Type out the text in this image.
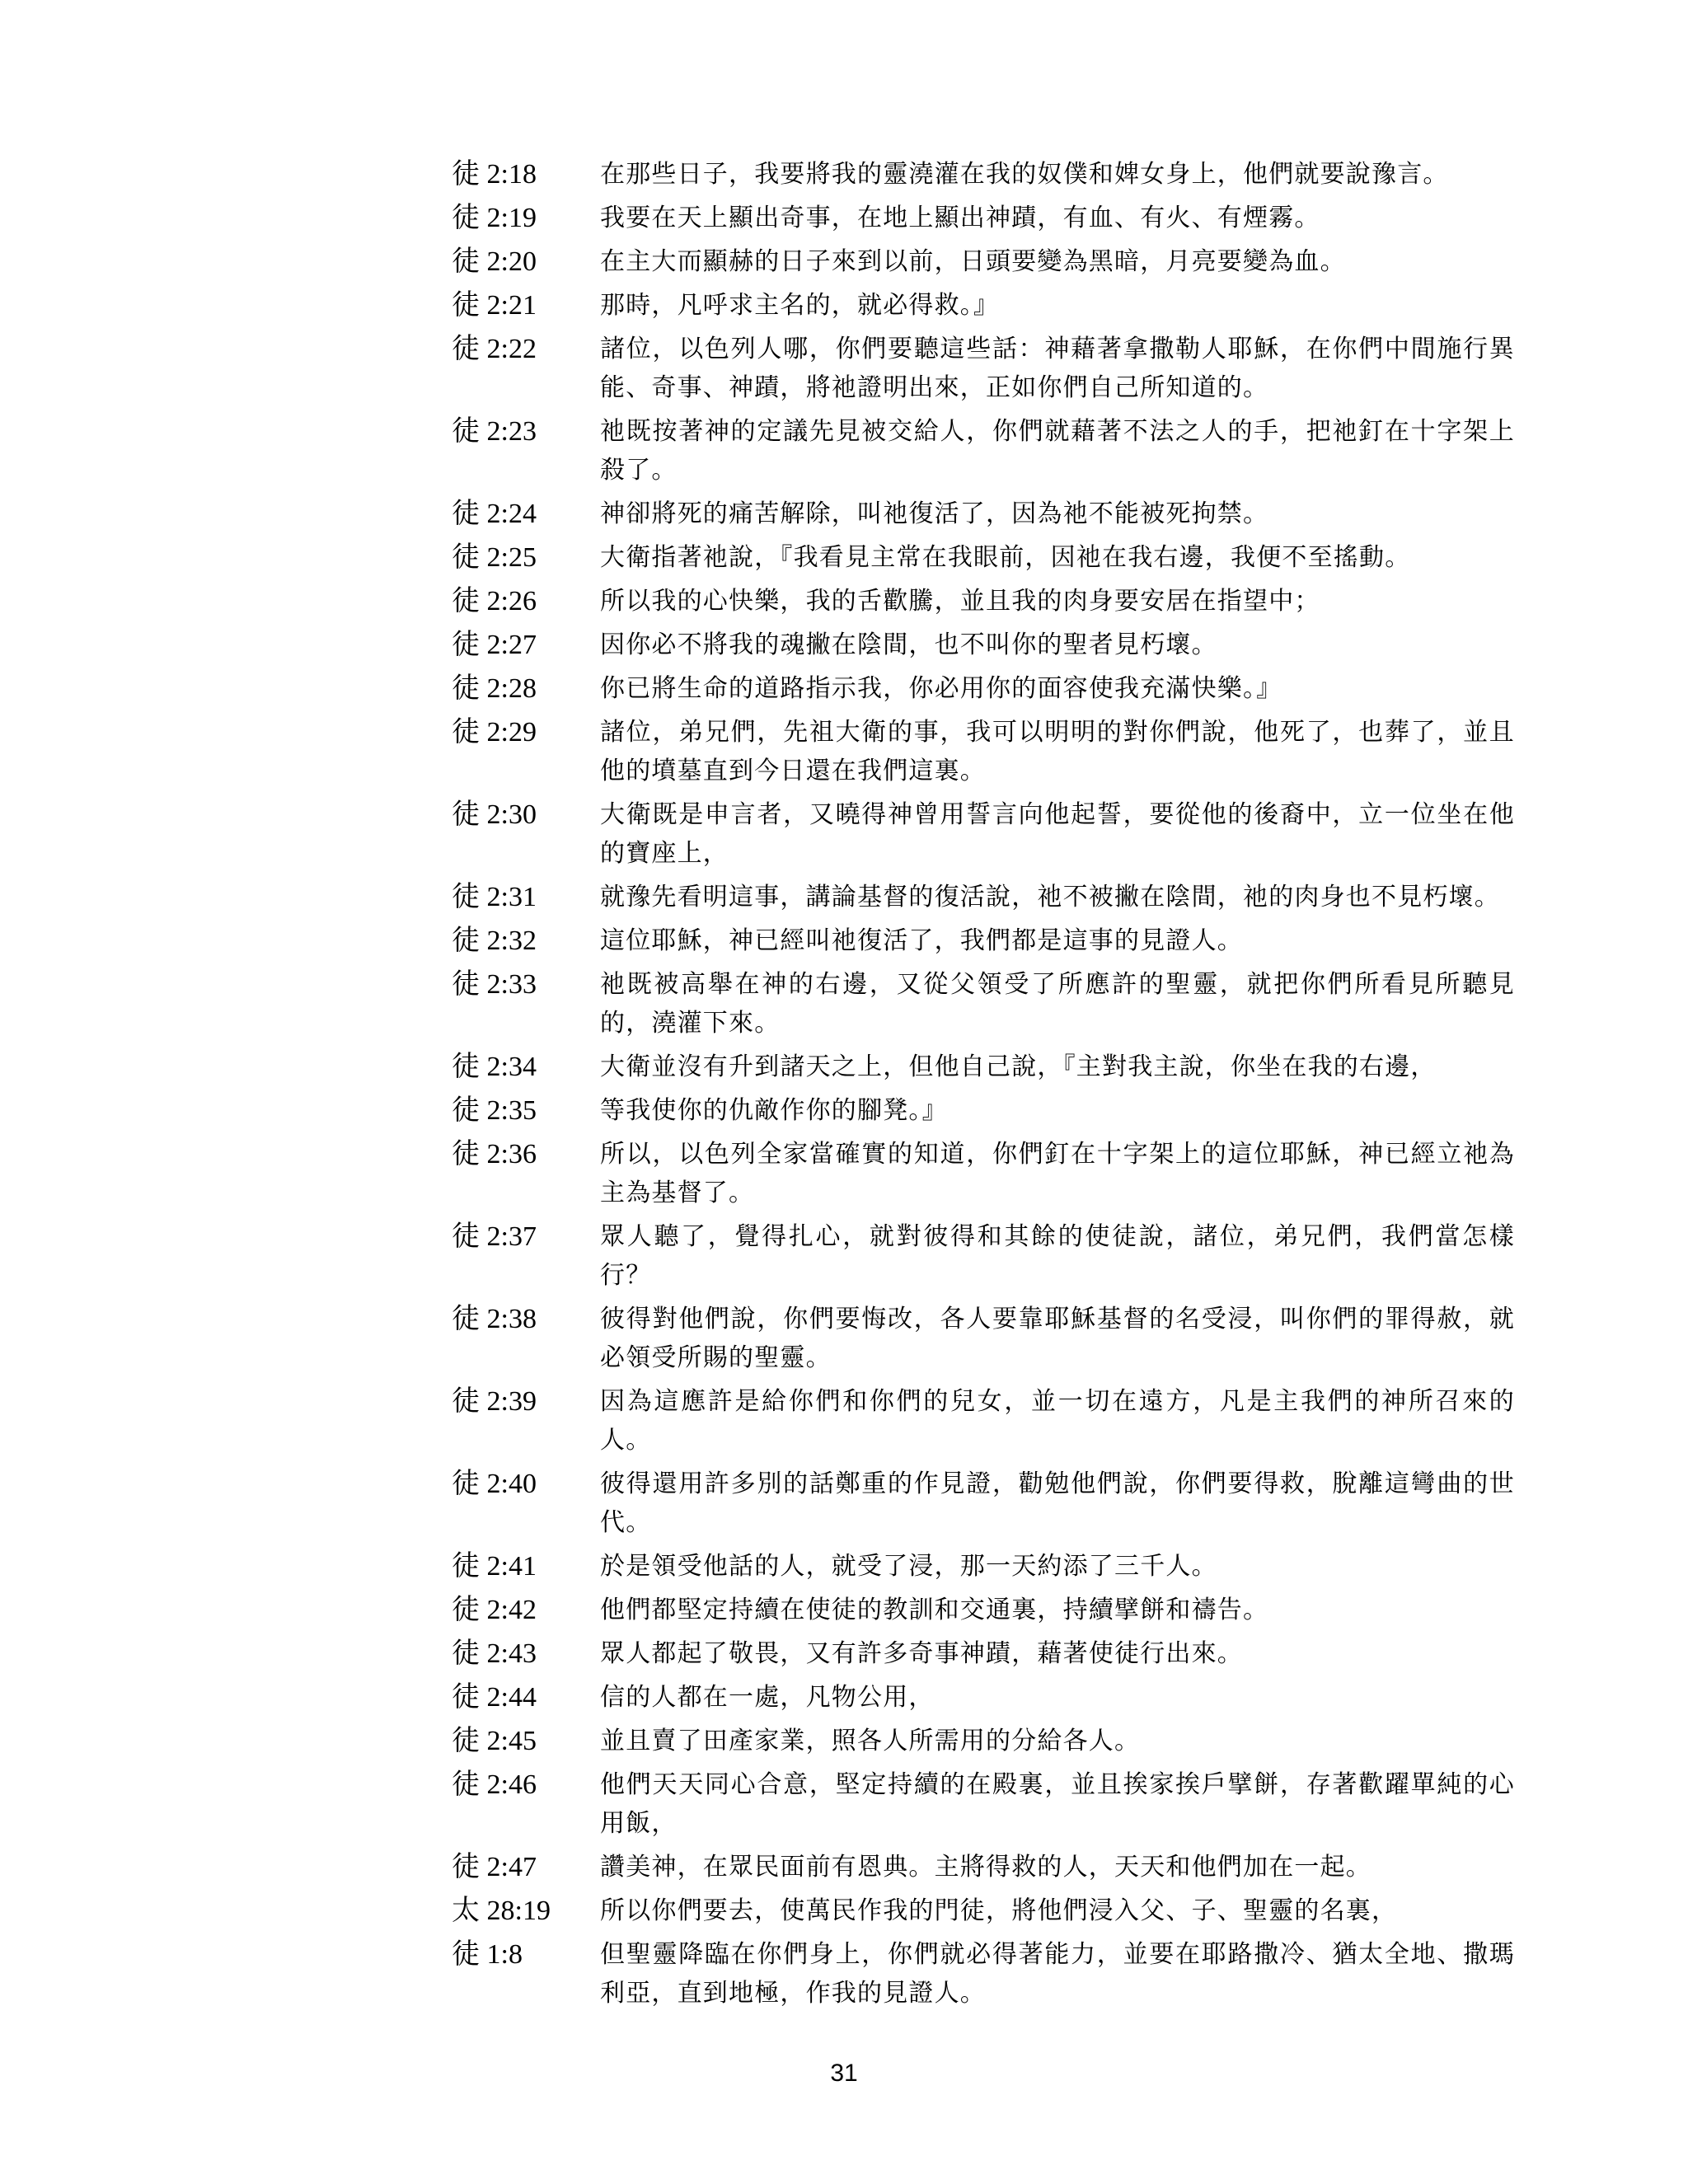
徒 2:18	在那些日子，我要將我的靈澆灌在我的奴僕和婢女身上，他們就要說豫言。
徒 2:19	我要在天上顯出奇事，在地上顯出神蹟，有血、有火、有煙霧。
徒 2:20	在主大而顯赫的日子來到以前，日頭要變為黑暗，月亮要變為血。
徒 2:21	那時，凡呼求主名的，就必得救。』
徒 2:22	諸位，以色列人哪，你們要聽這些話：神藉著拿撒勒人耶穌，在你們中間施行異能、奇事、神蹟，將祂證明出來，正如你們自己所知道的。
徒 2:23	祂既按著神的定議先見被交給人，你們就藉著不法之人的手，把祂釘在十字架上殺了。
徒 2:24	神卻將死的痛苦解除，叫祂復活了，因為祂不能被死拘禁。
徒 2:25	大衛指著祂說，『我看見主常在我眼前，因祂在我右邊，我便不至搖動。
徒 2:26	所以我的心快樂，我的舌歡騰，並且我的肉身要安居在指望中；
徒 2:27	因你必不將我的魂撇在陰間，也不叫你的聖者見朽壞。
徒 2:28	你已將生命的道路指示我，你必用你的面容使我充滿快樂。』
徒 2:29	諸位，弟兄們，先祖大衛的事，我可以明明的對你們說，他死了，也葬了，並且他的墳墓直到今日還在我們這裏。
徒 2:30	大衛既是申言者，又曉得神曾用誓言向他起誓，要從他的後裔中，立一位坐在他的寶座上，
徒 2:31	就豫先看明這事，講論基督的復活說，祂不被撇在陰間，祂的肉身也不見朽壞。
徒 2:32	這位耶穌，神已經叫祂復活了，我們都是這事的見證人。
徒 2:33	祂既被高舉在神的右邊，又從父領受了所應許的聖靈，就把你們所看見所聽見的，澆灌下來。
徒 2:34	大衛並沒有升到諸天之上，但他自己說，『主對我主說，你坐在我的右邊，
徒 2:35	等我使你的仇敵作你的腳凳。』
徒 2:36	所以，以色列全家當確實的知道，你們釘在十字架上的這位耶穌，神已經立祂為主為基督了。
徒 2:37	眾人聽了，覺得扎心，就對彼得和其餘的使徒說，諸位，弟兄們，我們當怎樣行？
徒 2:38	彼得對他們說，你們要悔改，各人要靠耶穌基督的名受浸，叫你們的罪得赦，就必領受所賜的聖靈。
徒 2:39	因為這應許是給你們和你們的兒女，並一切在遠方，凡是主我們的神所召來的人。
徒 2:40	彼得還用許多別的話鄭重的作見證，勸勉他們說，你們要得救，脫離這彎曲的世代。
徒 2:41	於是領受他話的人，就受了浸，那一天約添了三千人。
徒 2:42	他們都堅定持續在使徒的教訓和交通裏，持續擘餅和禱告。
徒 2:43	眾人都起了敬畏，又有許多奇事神蹟，藉著使徒行出來。
徒 2:44	信的人都在一處，凡物公用，
徒 2:45	並且賣了田產家業，照各人所需用的分給各人。
徒 2:46	他們天天同心合意，堅定持續的在殿裏，並且挨家挨戶擘餅，存著歡躍單純的心用飯，
徒 2:47	讚美神，在眾民面前有恩典。主將得救的人，天天和他們加在一起。
太 28:19	所以你們要去，使萬民作我的門徒，將他們浸入父、子、聖靈的名裏，
徒 1:8	但聖靈降臨在你們身上，你們就必得著能力，並要在耶路撒冷、猶太全地、撒瑪利亞，直到地極，作我的見證人。
31
